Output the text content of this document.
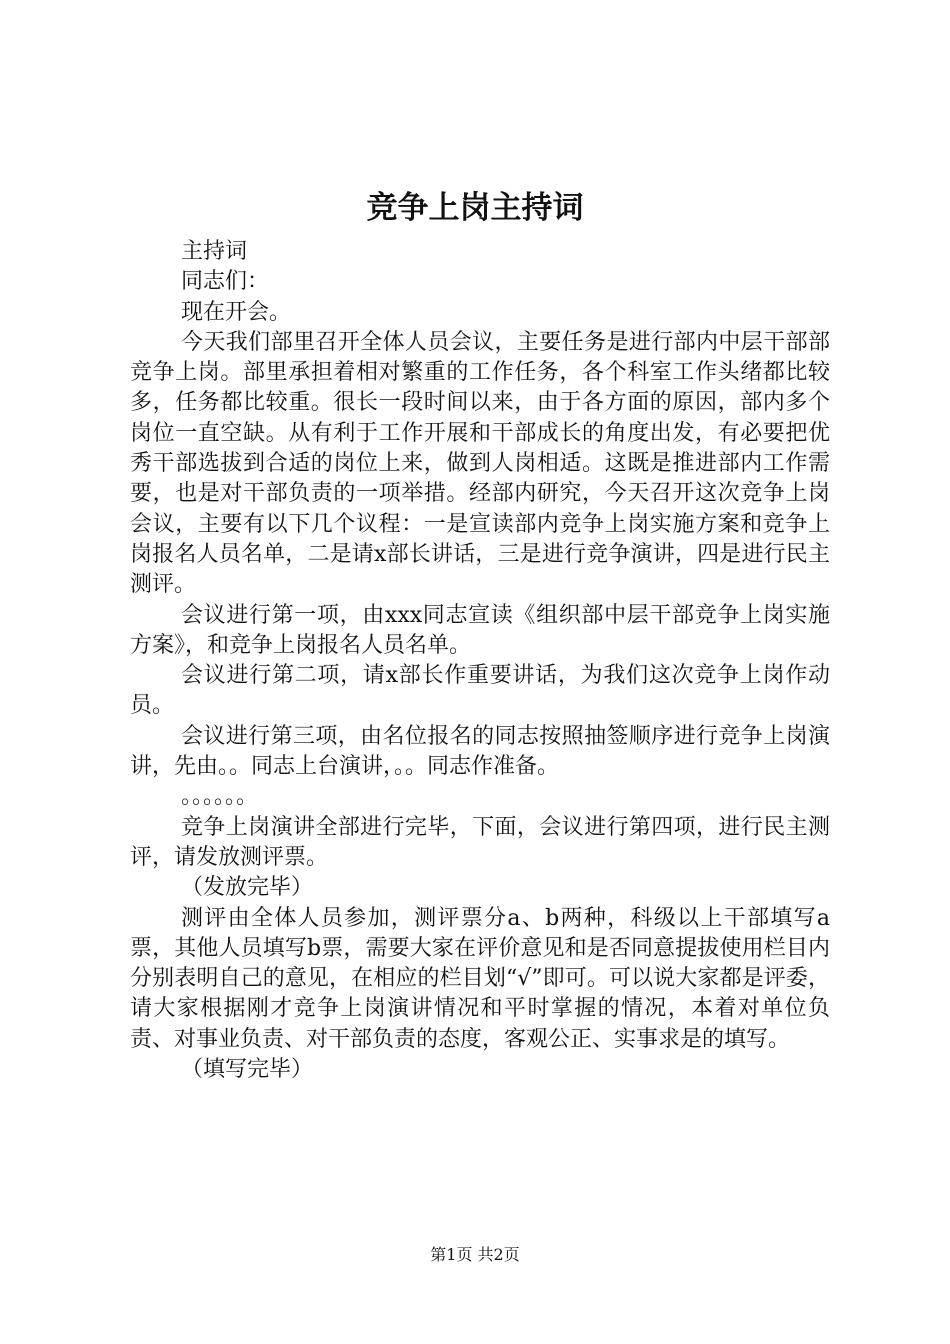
竞争上岗主持词

主持词

同志们：

现在开会。

今天我们部里召开全体人员会议，主要任务是进行部内中层干部部竞争上岗。部里承担着相对繁重的工作任务，各个科室工作头绪都比较多，任务都比较重。很长一段时间以来，由于各方面的原因，部内多个岗位一直空缺。从有利于工作开展和干部成长的角度出发，有必要把优秀干部选拔到合适的岗位上来，做到人岗相适。这既是推进部内工作需要，也是对干部负责的一项举措。经部内研究，今天召开这次竞争上岗会议，主要有以下几个议程：一是宣读部内竞争上岗实施方案和竞争上岗报名人员名单，二是请x部长讲话，三是进行竞争演讲，四是进行民主测评。

会议进行第一项，由xxx同志宣读《组织部中层干部竞争上岗实施方案》，和竞争上岗报名人员名单。

会议进行第二项，请x部长作重要讲话，为我们这次竞争上岗作动员。

会议进行第三项，由名位报名的同志按照抽签顺序进行竞争上岗演讲，先由。。同志上台演讲，。。同志作准备。

。。。。。。

竞争上岗演讲全部进行完毕，下面，会议进行第四项，进行民主测评，请发放测评票。

（发放完毕）

测评由全体人员参加，测评票分a、b两种，科级以上干部填写a票，其他人员填写b票，需要大家在评价意见和是否同意提拔使用栏目内分别表明自己的意见，在相应的栏目划“√”即可。可以说大家都是评委，请大家根据刚才竞争上岗演讲情况和平时掌握的情况，本着对单位负责、对事业负责、对干部负责的态度，客观公正、实事求是的填写。

（填写完毕）

第1页 共2页
